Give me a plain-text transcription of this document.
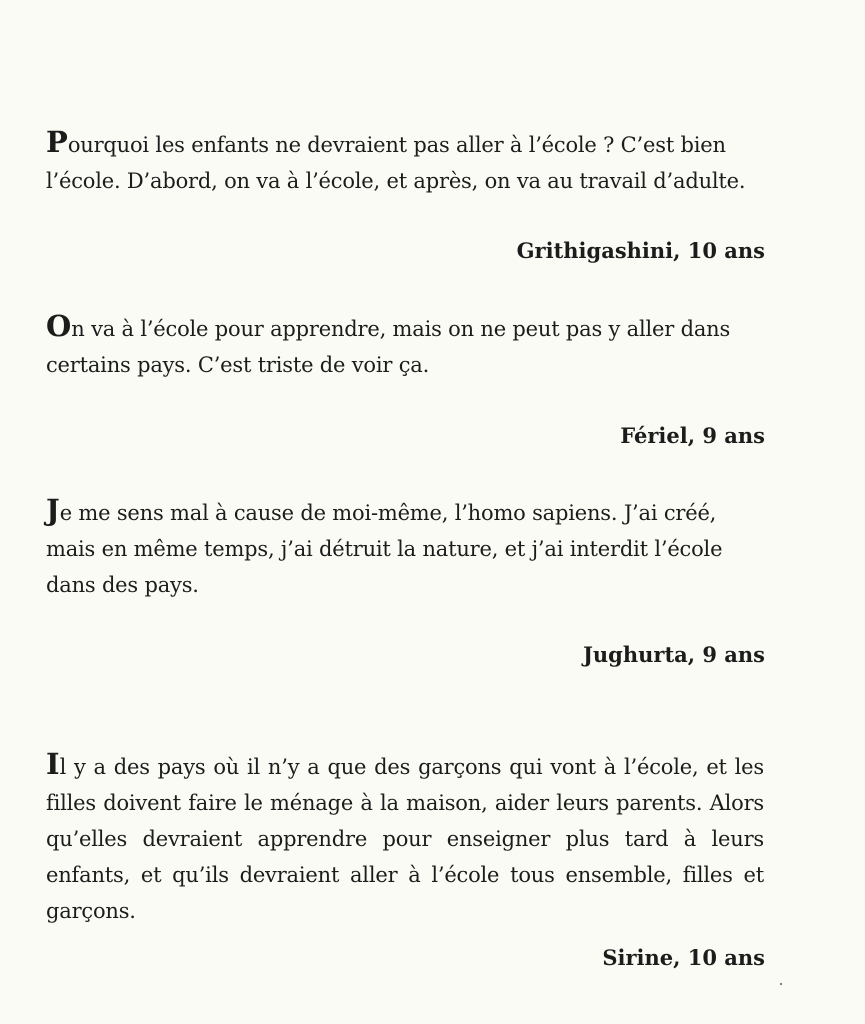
Pourquoi les enfants ne devraient pas aller à l’école ? C’est bien l’école. D’abord, on va à l’école, et après, on va au travail d’adulte.

Grithigashini, 10 ans

On va à l’école pour apprendre, mais on ne peut pas y aller dans certains pays. C’est triste de voir ça.

Fériel, 9 ans

Je me sens mal à cause de moi-même, l’homo sapiens. J’ai créé, mais en même temps, j’ai détruit la nature, et j’ai interdit l’école dans des pays.

Jughurta, 9 ans

Il y a des pays où il n’y a que des garçons qui vont à l’école, et les filles doivent faire le ménage à la maison, aider leurs parents. Alors qu’elles devraient apprendre pour enseigner plus tard à leurs enfants, et qu’ils devraient aller à l’école tous ensemble, filles et garçons.

Sirine, 10 ans
